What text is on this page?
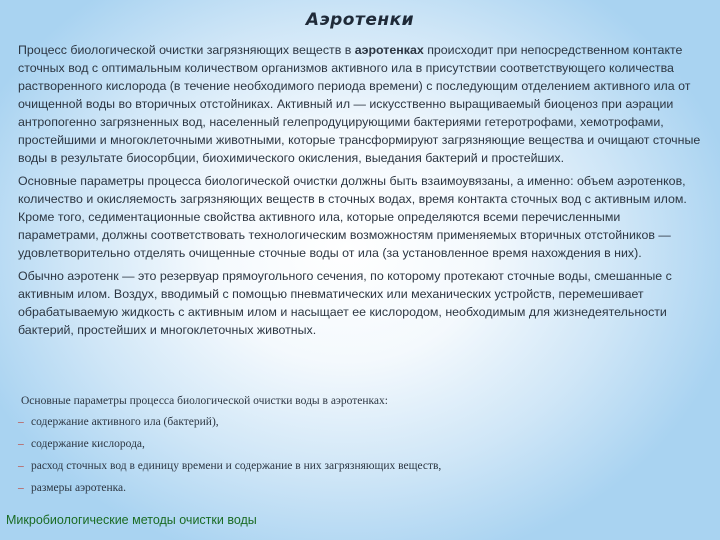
Аэротенки

Процесс биологической очистки загрязняющих веществ в аэротенках происходит при непосредственном контакте сточных вод с оптимальным количеством организмов активного ила в присутствии соответствующего количества растворенного кислорода (в течение необходимого периода времени) с последующим отделением активного ила от очищенной воды во вторичных отстойниках. Активный ил — искусственно выращиваемый биоценоз при аэрации антропогенно загрязненных вод, населенный гелепродуцирующими бактериями гетеротрофами, хемотрофами, простейшими и многоклеточными животными, которые трансформируют загрязняющие вещества и очищают сточные воды в результате биосорбции, биохимического окисления, выедания бактерий и простейших.

Основные параметры процесса биологической очистки должны быть взаимоувязаны, а именно: объем аэротенков, количество и окисляемость загрязняющих веществ в сточных водах, время контакта сточных вод с активным илом. Кроме того, седиментационные свойства активного ила, которые определяются всеми перечисленными параметрами, должны соответствовать технологическим возможностям применяемых вторичных отстойников — удовлетворительно отделять очищенные сточные воды от ила (за установленное время нахождения в них).

Обычно аэротенк — это резервуар прямоугольного сечения, по которому протекают сточные воды, смешанные с активным илом. Воздух, вводимый с помощью пневматических или механических устройств, перемешивает обрабатываемую жидкость с активным илом и насыщает ее кислородом, необходимым для жизнедеятельности бактерий, простейших и многоклеточных животных.

Основные параметры процесса биологической очистки воды в аэротенках:
– содержание активного ила (бактерий),
– содержание кислорода,
– расход сточных вод в единицу времени и содержание в них загрязняющих веществ,
– размеры аэротенка.
Микробиологические методы очистки воды
